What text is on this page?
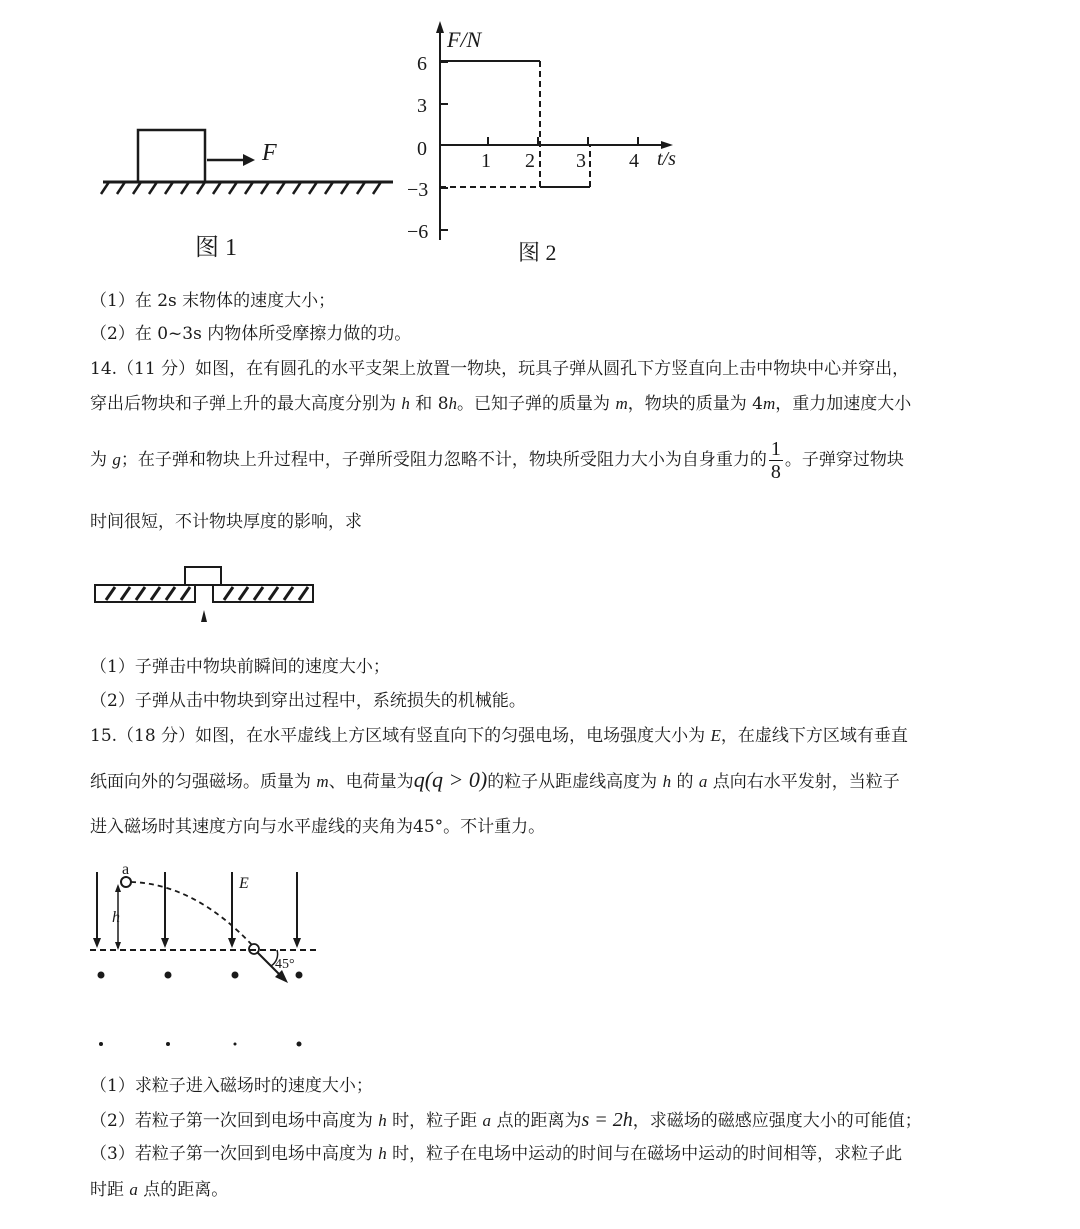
F
图 1
F/N
t/s
0
1 2 3 4
6
3
−3
−6
图 2
（1）在 2s 末物体的速度大小；
（2）在 0~3s 内物体所受摩擦力做的功。
14.（11 分）如图，在有圆孔的水平支架上放置一物块，玩具子弹从圆孔下方竖直向上击中物块中心并穿出，
穿出后物块和子弹上升的最大高度分别为 h 和 8h。已知子弹的质量为 m，物块的质量为 4m，重力加速度大小
为 g；在子弹和物块上升过程中，子弹所受阻力忽略不计，物块所受阻力大小为自身重力的 $\frac{1}{8}$ 。子弹穿过物块
时间很短，不计物块厚度的影响，求
（1）子弹击中物块前瞬间的速度大小；
（2）子弹从击中物块到穿出过程中，系统损失的机械能。
15.（18 分）如图，在水平虚线上方区域有竖直向下的匀强电场，电场强度大小为 E，在虚线下方区域有垂直
纸面向外的匀强磁场。质量为 m、电荷量为q(q > 0)的粒子从距虚线高度为 h 的 a 点向右水平发射，当粒子
进入磁场时其速度方向与水平虚线的夹角为45°。不计重力。
a
h
E
45°
（1）求粒子进入磁场时的速度大小；
（2）若粒子第一次回到电场中高度为 h 时，粒子距 a 点的距离为s = 2h，求磁场的磁感应强度大小的可能值；
（3）若粒子第一次回到电场中高度为 h 时，粒子在电场中运动的时间与在磁场中运动的时间相等，求粒子此
时距 a 点的距离。
